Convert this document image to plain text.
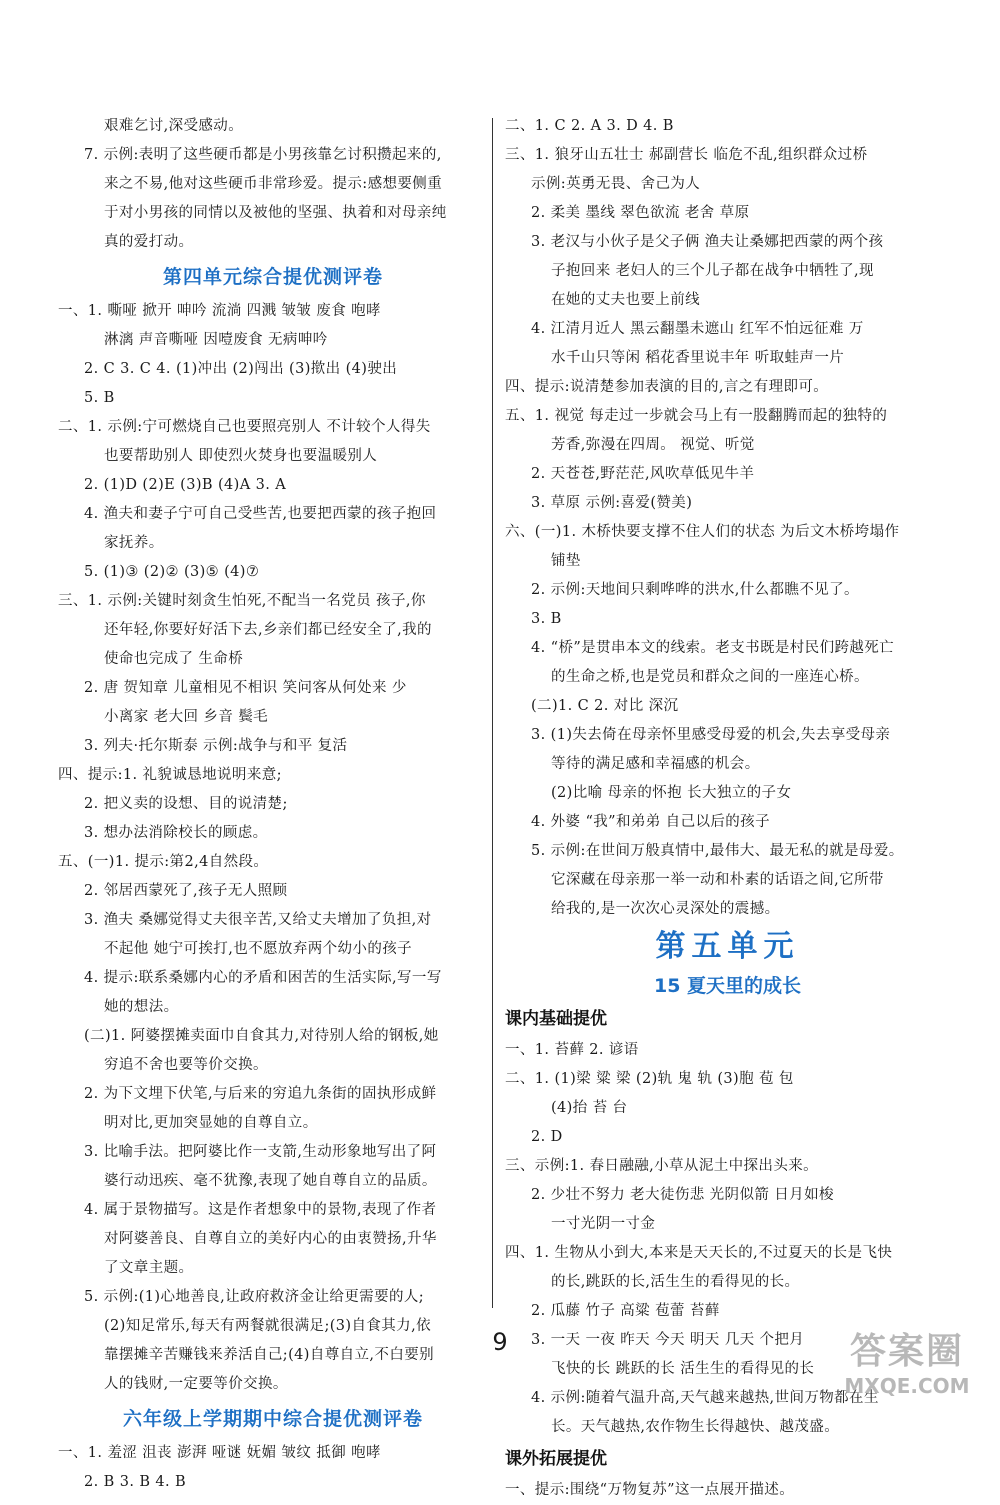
艰难乞讨,深受感动。
7. 示例:表明了这些硬币都是小男孩靠乞讨积攒起来的,
来之不易,他对这些硬币非常珍爱。提示:感想要侧重
于对小男孩的同情以及被他的坚强、执着和对母亲纯
真的爱打动。
第四单元综合提优测评卷
一、1. 嘶哑 掀开 呻吟 流淌 四溅 皱皱 废食 咆哮
淋漓 声音嘶哑 因噎废食 无病呻吟
2. C 3. C 4. (1)冲出 (2)闯出 (3)揿出 (4)驶出
5. B
二、1. 示例:宁可燃烧自己也要照亮别人 不计较个人得失
也要帮助别人 即使烈火焚身也要温暖别人
2. (1)D (2)E (3)B (4)A 3. A
4. 渔夫和妻子宁可自己受些苦,也要把西蒙的孩子抱回
家抚养。
5. (1)③ (2)② (3)⑤ (4)⑦
三、1. 示例:关键时刻贪生怕死,不配当一名党员 孩子,你
还年轻,你要好好活下去,乡亲们都已经安全了,我的
使命也完成了 生命桥
2. 唐 贺知章 儿童相见不相识 笑问客从何处来 少
小离家 老大回 乡音 鬓毛
3. 列夫·托尔斯泰 示例:战争与和平 复活
四、提示:1. 礼貌诚恳地说明来意;
2. 把义卖的设想、目的说清楚;
3. 想办法消除校长的顾虑。
五、(一)1. 提示:第2,4自然段。
2. 邻居西蒙死了,孩子无人照顾
3. 渔夫 桑娜觉得丈夫很辛苦,又给丈夫增加了负担,对
不起他 她宁可挨打,也不愿放弃两个幼小的孩子
4. 提示:联系桑娜内心的矛盾和困苦的生活实际,写一写
她的想法。
(二)1. 阿婆摆摊卖面巾自食其力,对待别人给的钢板,她
穷追不舍也要等价交换。
2. 为下文埋下伏笔,与后来的穷追九条街的固执形成鲜
明对比,更加突显她的自尊自立。
3. 比喻手法。把阿婆比作一支箭,生动形象地写出了阿
婆行动迅疾、毫不犹豫,表现了她自尊自立的品质。
4. 属于景物描写。这是作者想象中的景物,表现了作者
对阿婆善良、自尊自立的美好内心的由衷赞扬,升华
了文章主题。
5. 示例:(1)心地善良,让政府救济金让给更需要的人;
(2)知足常乐,每天有两餐就很满足;(3)自食其力,依
靠摆摊辛苦赚钱来养活自己;(4)自尊自立,不白要别
人的钱财,一定要等价交换。
六年级上学期期中综合提优测评卷
一、1. 羞涩 沮丧 澎湃 哑谜 妩媚 皱纹 抵御 咆哮
2. B 3. B 4. B
二、1. C 2. A 3. D 4. B
三、1. 狼牙山五壮士 郝副营长 临危不乱,组织群众过桥
示例:英勇无畏、舍己为人
2. 柔美 墨线 翠色欲流 老舍 草原
3. 老汉与小伙子是父子俩 渔夫让桑娜把西蒙的两个孩
子抱回来 老妇人的三个儿子都在战争中牺牲了,现
在她的丈夫也要上前线
4. 江清月近人 黑云翻墨未遮山 红军不怕远征难 万
水千山只等闲 稻花香里说丰年 听取蛙声一片
四、提示:说清楚参加表演的目的,言之有理即可。
五、1. 视觉 每走过一步就会马上有一股翻腾而起的独特的
芳香,弥漫在四周。 视觉、听觉
2. 天苍苍,野茫茫,风吹草低见牛羊
3. 草原 示例:喜爱(赞美)
六、(一)1. 木桥快要支撑不住人们的状态 为后文木桥垮塌作
铺垫
2. 示例:天地间只剩哗哗的洪水,什么都瞧不见了。
3. B
4. “桥”是贯串本文的线索。老支书既是村民们跨越死亡
的生命之桥,也是党员和群众之间的一座连心桥。
(二)1. C 2. 对比 深沉
3. (1)失去倚在母亲怀里感受母爱的机会,失去享受母亲
等待的满足感和幸福感的机会。
(2)比喻 母亲的怀抱 长大独立的子女
4. 外婆 “我”和弟弟 自己以后的孩子
5. 示例:在世间万般真情中,最伟大、最无私的就是母爱。
它深藏在母亲那一举一动和朴素的话语之间,它所带
给我的,是一次次心灵深处的震撼。
第五单元
15 夏天里的成长
课内基础提优
一、1. 苔藓 2. 谚语
二、1. (1)梁 粱 梁 (2)轨 鬼 轨 (3)胞 苞 包
(4)抬 苔 台
2. D
三、示例:1. 春日融融,小草从泥土中探出头来。
2. 少壮不努力 老大徒伤悲 光阴似箭 日月如梭
一寸光阴一寸金
四、1. 生物从小到大,本来是天天长的,不过夏天的长是飞快
的长,跳跃的长,活生生的看得见的长。
2. 瓜藤 竹子 高粱 苞蕾 苔藓
3. 一天 一夜 昨天 今天 明天 几天 个把月
飞快的长 跳跃的长 活生生的看得见的长
4. 示例:随着气温升高,天气越来越热,世间万物都在生
长。天气越热,农作物生长得越快、越茂盛。
课外拓展提优
一、提示:围绕“万物复苏”这一点展开描述。
9	答案圈
MXQE.COM
